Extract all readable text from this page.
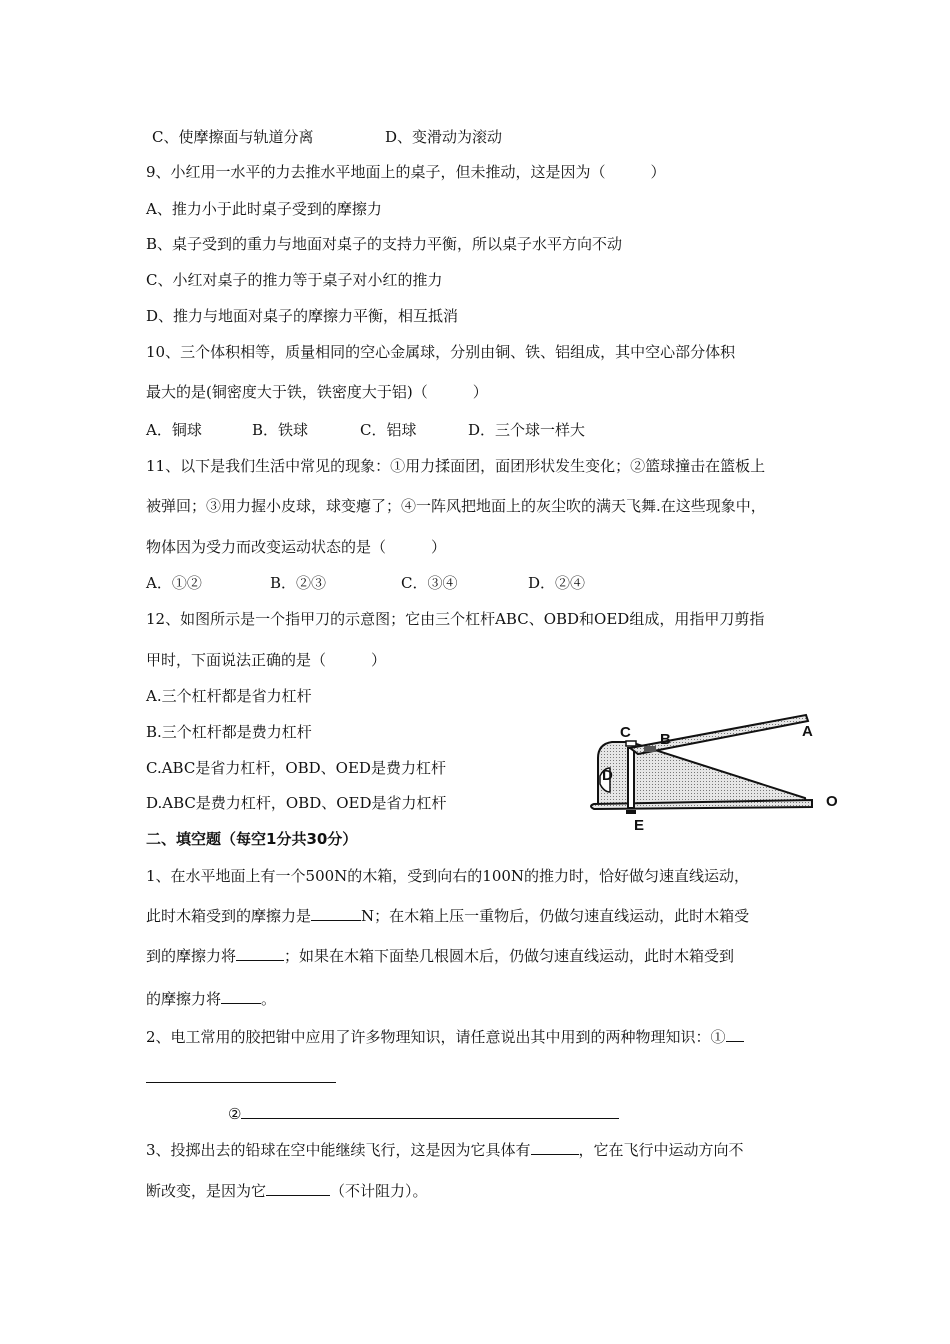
C、使摩擦面与轨道分离	D、变滑动为滚动
9、小红用一水平的力去推水平地面上的桌子，但未推动，这是因为（　　　）
A、推力小于此时桌子受到的摩擦力
B、桌子受到的重力与地面对桌子的支持力平衡，所以桌子水平方向不动
C、小红对桌子的推力等于桌子对小红的推力
D、推力与地面对桌子的摩擦力平衡，相互抵消
10、三个体积相等，质量相同的空心金属球，分别由铜、铁、铝组成，其中空心部分体积
最大的是(铜密度大于铁，铁密度大于铝)（　　　）
A．铜球	B．铁球	C．铝球	D．三个球一样大
11、以下是我们生活中常见的现象：①用力揉面团，面团形状发生变化；②篮球撞击在篮板上
被弹回；③用力握小皮球，球变瘪了；④一阵风把地面上的灰尘吹的满天飞舞.在这些现象中，
物体因为受力而改变运动状态的是（　　　）
A．①②	B．②③	C．③④	D．②④
12、如图所示是一个指甲刀的示意图；它由三个杠杆ABC、OBD和OED组成，用指甲刀剪指
甲时，下面说法正确的是（　　　）
A.三个杠杆都是省力杠杆
B.三个杠杆都是费力杠杆
C.ABC是省力杠杆，OBD、OED是费力杠杆
D.ABC是费力杠杆，OBD、OED是省力杠杆
C B	A
D
E
O
二、填空题（每空1分共30分）
1、在水平地面上有一个500N的木箱，受到向右的100N的推力时，恰好做匀速直线运动，
此时木箱受到的摩擦力是	N；在木箱上压一重物后，仍做匀速直线运动，此时木箱受
到的摩擦力将	；如果在木箱下面垫几根圆木后，仍做匀速直线运动，此时木箱受到
的摩擦力将	。
2、电工常用的胶把钳中应用了许多物理知识，请任意说出其中用到的两种物理知识：①
②
3、投掷出去的铅球在空中能继续飞行，这是因为它具体有	，它在飞行中运动方向不
断改变，是因为它	（不计阻力）。
